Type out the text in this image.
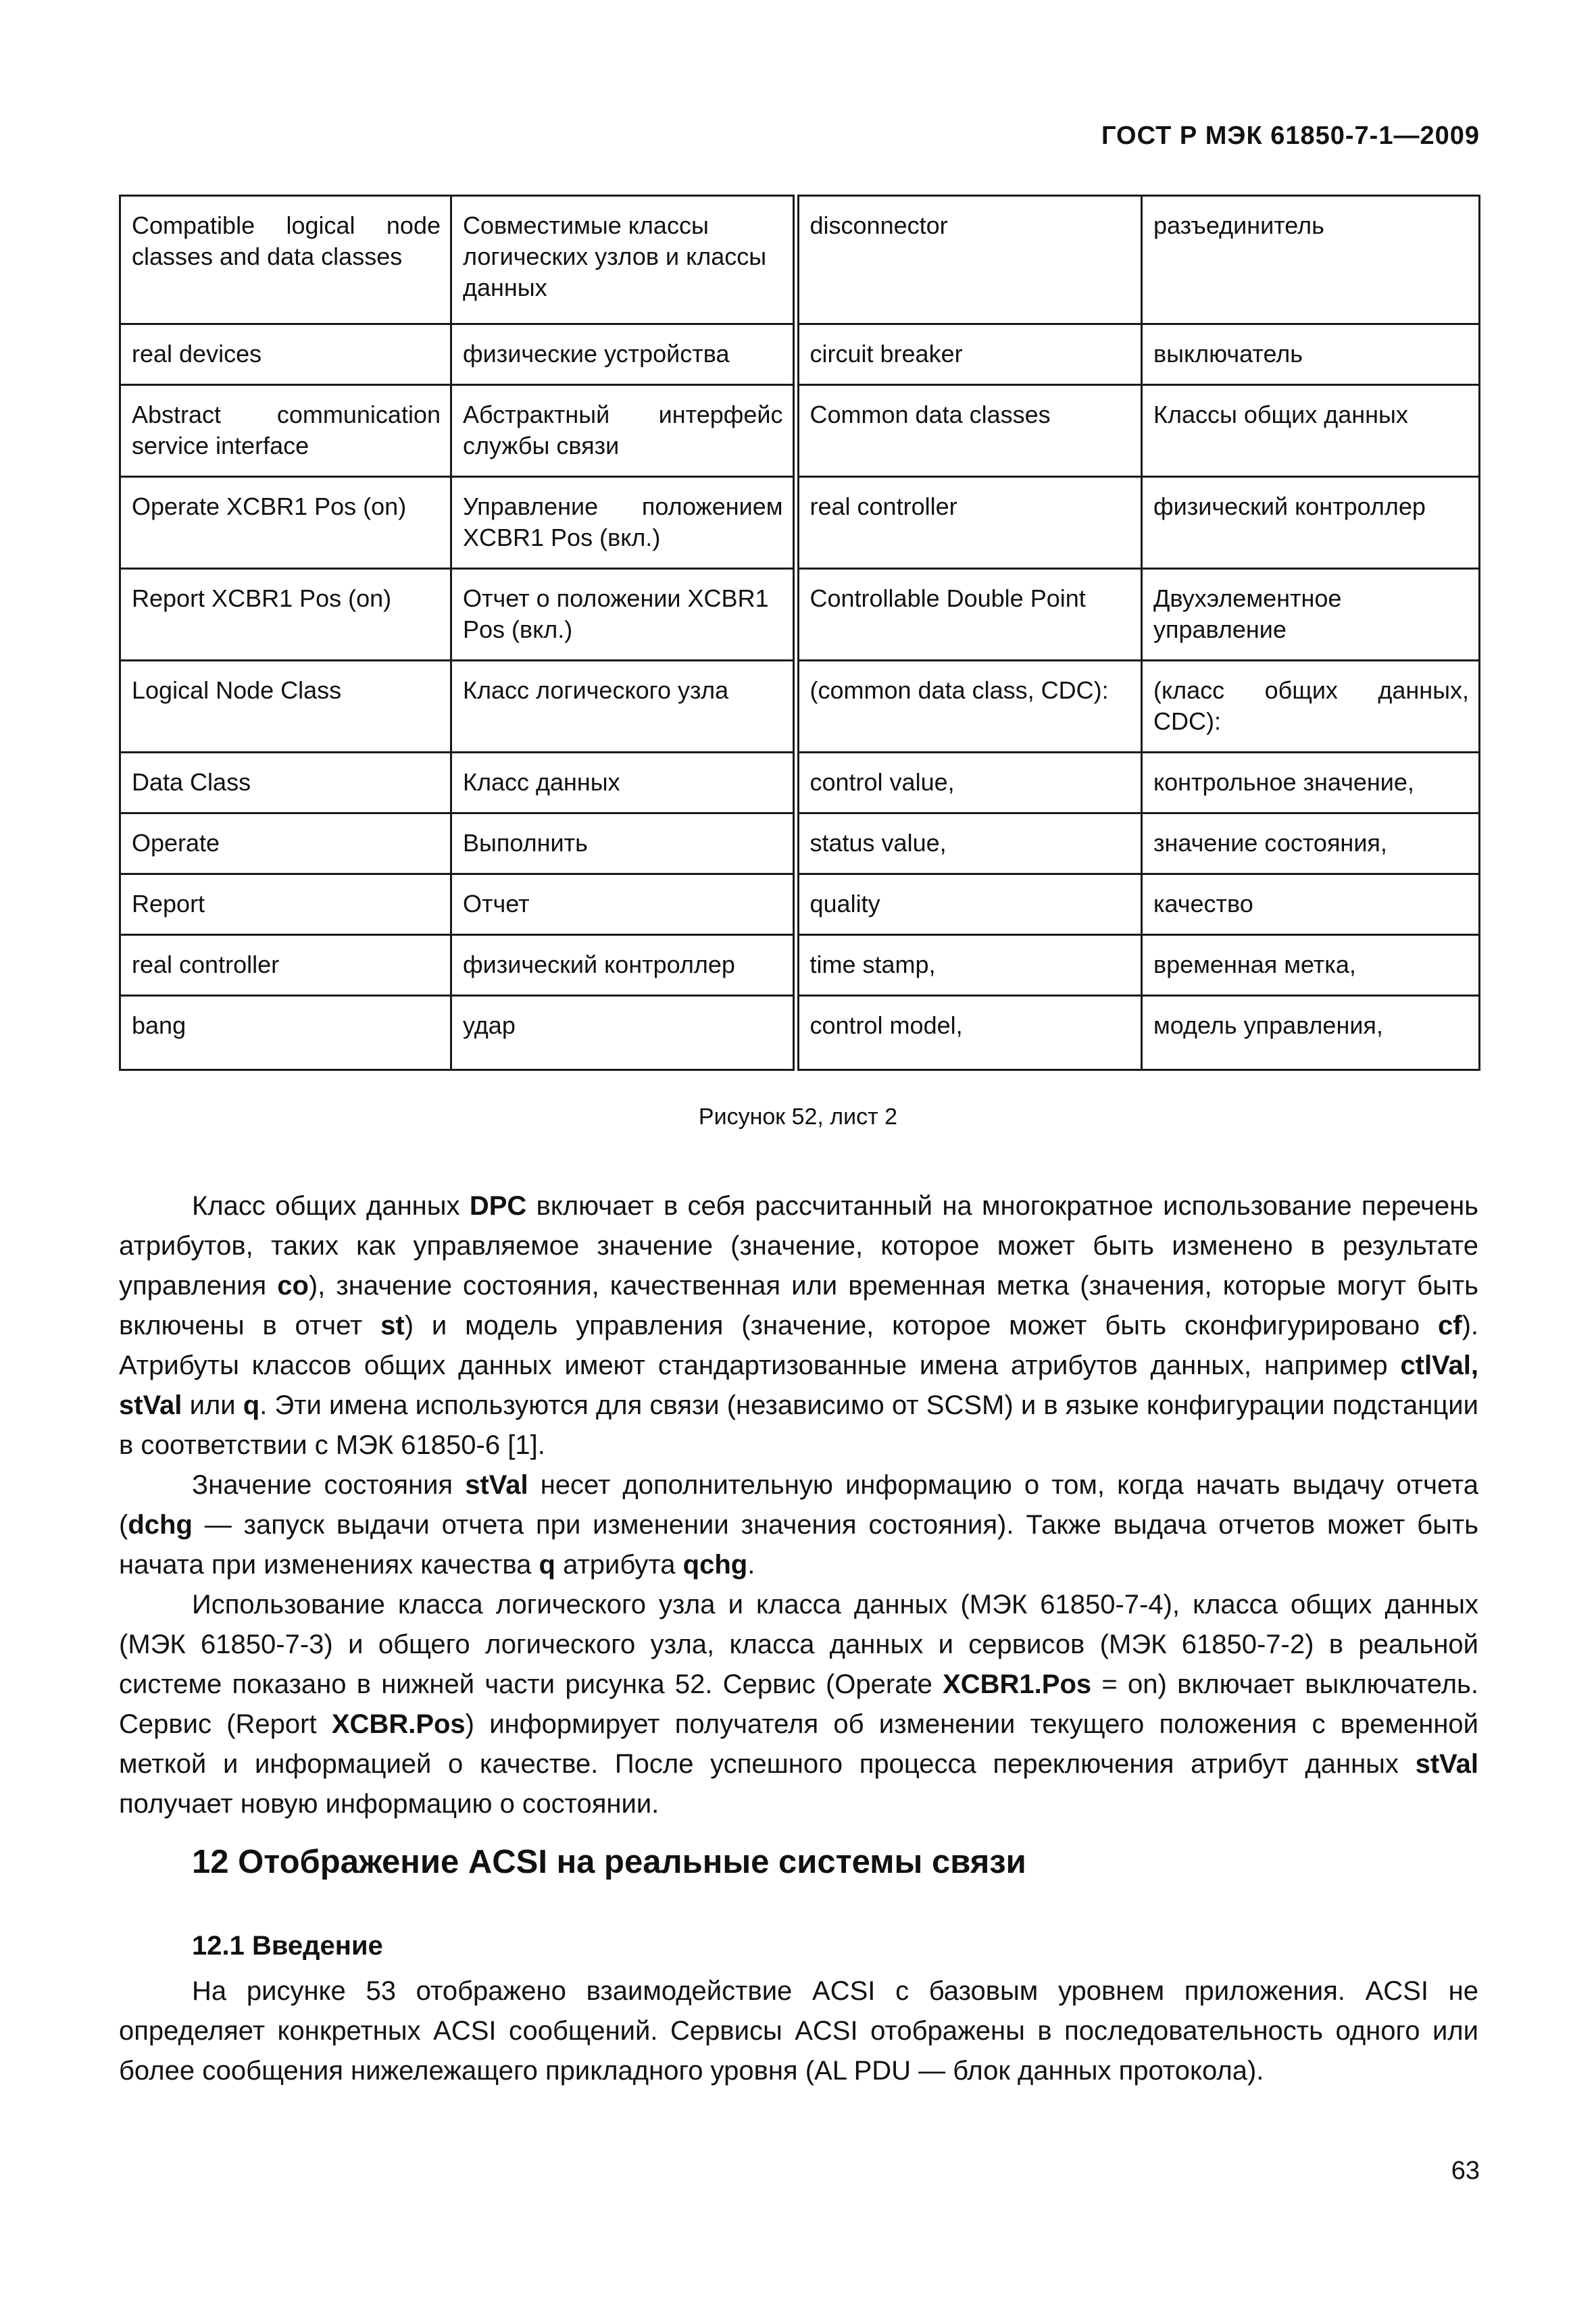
ГОСТ Р МЭК 61850-7-1—2009
Compatible logical node classes and data classes	Совместимые классы логических узлов и классы данных	disconnector	разъединитель
real devices	физические устройства	circuit breaker	выключатель
Abstract communication service interface	Абстрактный интерфейс службы связи	Common data classes	Классы общих данных
Operate XCBR1 Pos (on)	Управление положением XCBR1 Pos (вкл.)	real controller	физический контроллер
Report XCBR1 Pos (on)	Отчет о положении XCBR1 Pos (вкл.)	Controllable Double Point	Двухэлементное управление
Logical Node Class	Класс логического узла	(common data class, CDC):	(класс общих данных, CDC):
Data Class	Класс данных	control value,	контрольное значение,
Operate	Выполнить	status value,	значение состояния,
Report	Отчет	quality	качество
real controller	физический контроллер	time stamp,	временная метка,
bang	удар	control model,	модель управления,
Рисунок 52, лист 2

Класс общих данных DPC включает в себя рассчитанный на многократное использование перечень атрибутов, таких как управляемое значение (значение, которое может быть изменено в результате управления co), значение состояния, качественная или временная метка (значения, которые могут быть включены в отчет st) и модель управления (значение, которое может быть сконфигурировано cf). Атрибуты классов общих данных имеют стандартизованные имена атрибутов данных, например ctlVal, stVal или q. Эти имена используются для связи (независимо от SCSM) и в языке конфигурации подстанции в соответствии с МЭК 61850-6 [1].

Значение состояния stVal несет дополнительную информацию о том, когда начать выдачу отчета (dchg — запуск выдачи отчета при изменении значения состояния). Также выдача отчетов может быть начата при изменениях качества q атрибута qchg.

Использование класса логического узла и класса данных (МЭК 61850-7-4), класса общих данных (МЭК 61850-7-3) и общего логического узла, класса данных и сервисов (МЭК 61850-7-2) в реальной системе показано в нижней части рисунка 52. Сервис (Operate XCBR1.Pos = on) включает выключатель. Сервис (Report XCBR.Pos) информирует получателя об изменении текущего положения с временной меткой и информацией о качестве. После успешного процесса переключения атрибут данных stVal получает новую информацию о состоянии.

12 Отображение ACSI на реальные системы связи
12.1 Введение

На рисунке 53 отображено взаимодействие ACSI с базовым уровнем приложения. ACSI не определяет конкретных ACSI сообщений. Сервисы ACSI отображены в последовательность одного или более сообщения нижележащего прикладного уровня (AL PDU — блок данных протокола).

63
